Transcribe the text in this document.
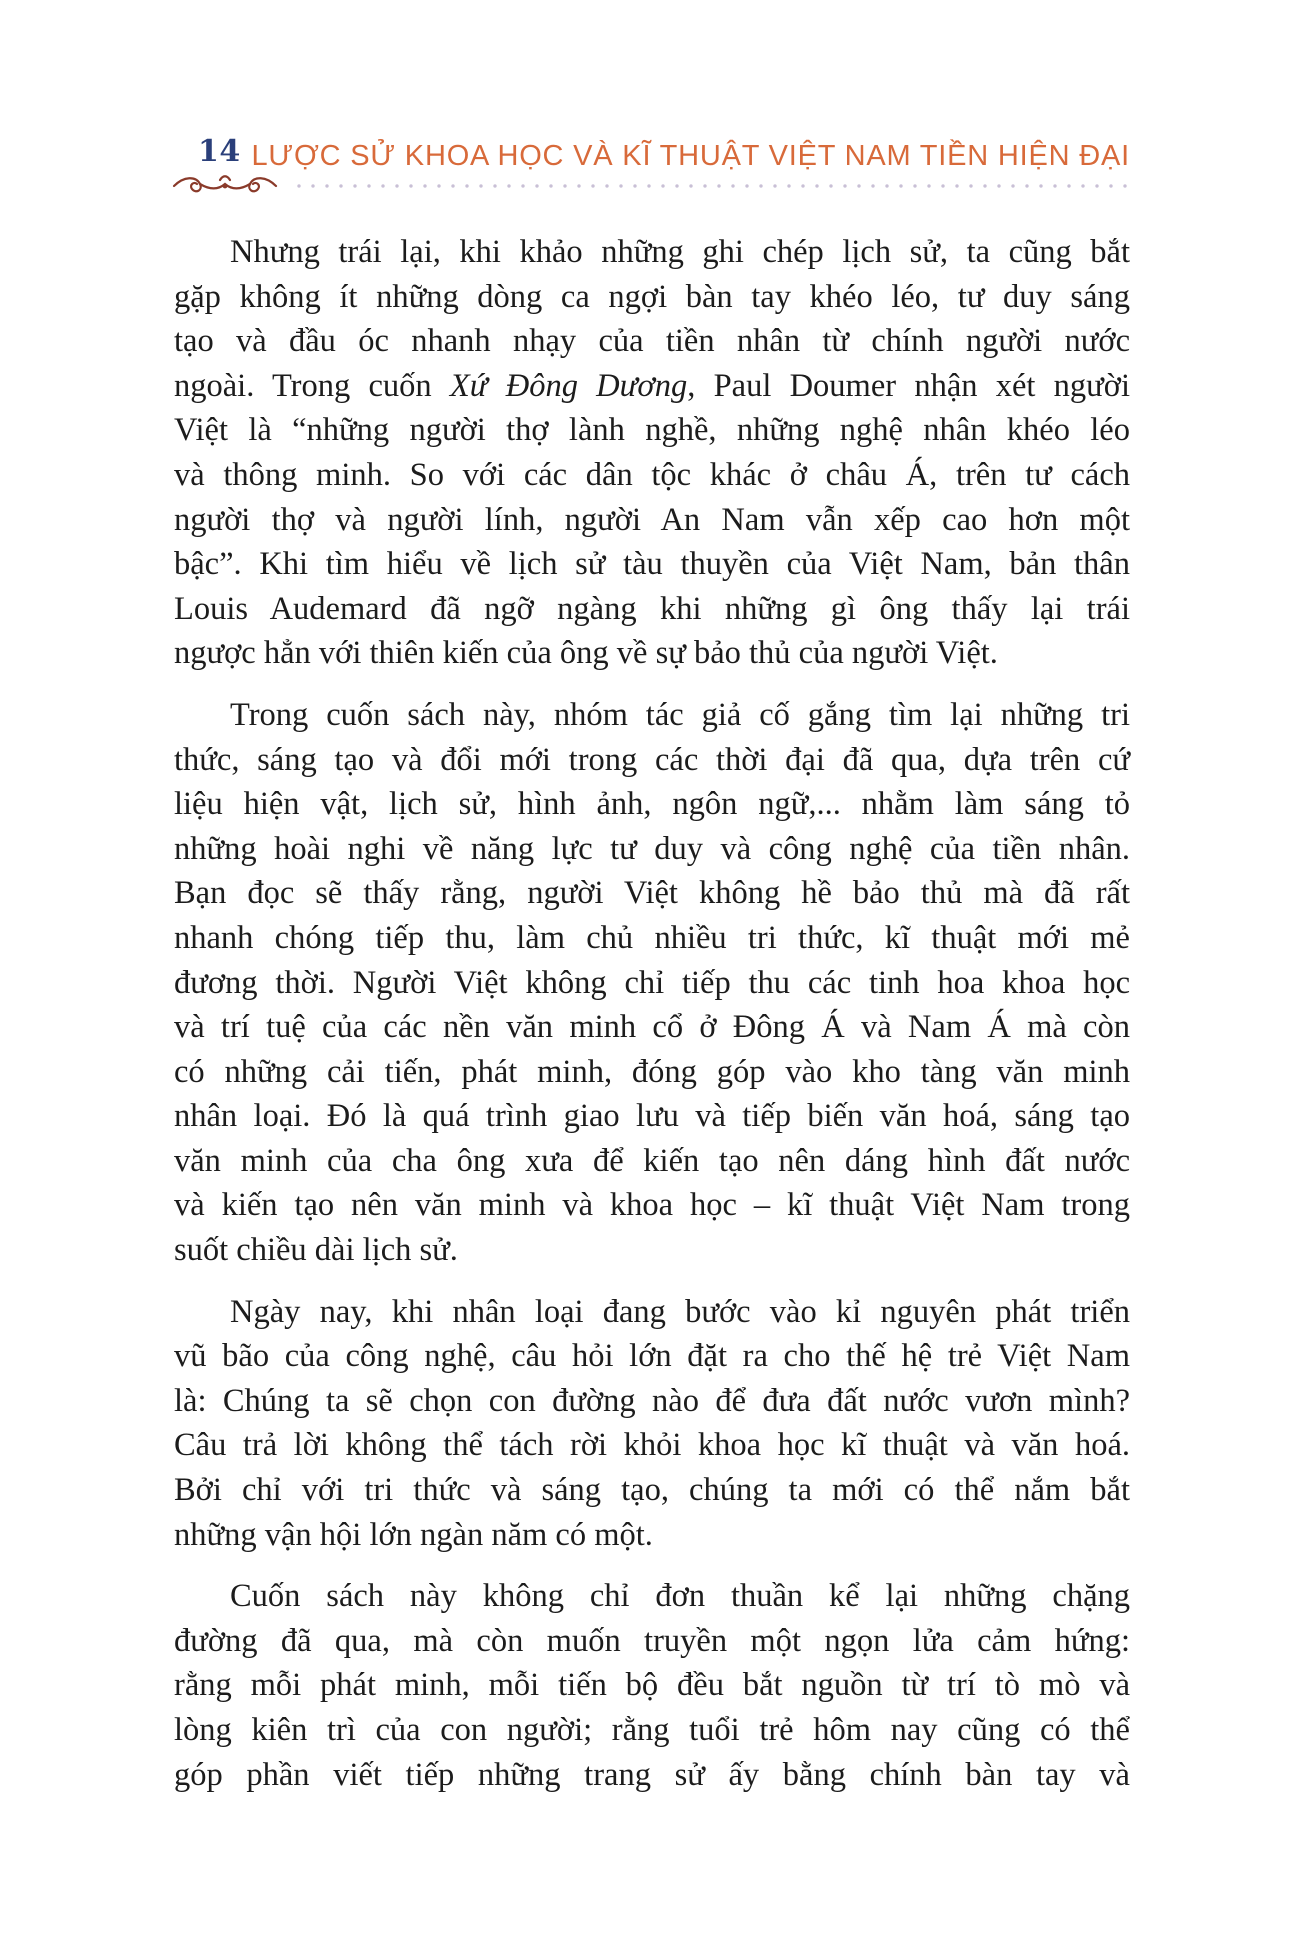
14 LƯỢC SỬ KHOA HỌC VÀ KĨ THUẬT VIỆT NAM TIỀN HIỆN ĐẠI
Nhưng trái lại, khi khảo những ghi chép lịch sử, ta cũng bắt
gặp không ít những dòng ca ngợi bàn tay khéo léo, tư duy sáng
tạo và đầu óc nhanh nhạy của tiền nhân từ chính người nước
ngoài. Trong cuốn Xứ Đông Dương, Paul Doumer nhận xét người
Việt là “những người thợ lành nghề, những nghệ nhân khéo léo
và thông minh. So với các dân tộc khác ở châu Á, trên tư cách
người thợ và người lính, người An Nam vẫn xếp cao hơn một
bậc”. Khi tìm hiểu về lịch sử tàu thuyền của Việt Nam, bản thân
Louis Audemard đã ngỡ ngàng khi những gì ông thấy lại trái
ngược hẳn với thiên kiến của ông về sự bảo thủ của người Việt.
Trong cuốn sách này, nhóm tác giả cố gắng tìm lại những tri
thức, sáng tạo và đổi mới trong các thời đại đã qua, dựa trên cứ
liệu hiện vật, lịch sử, hình ảnh, ngôn ngữ,... nhằm làm sáng tỏ
những hoài nghi về năng lực tư duy và công nghệ của tiền nhân.
Bạn đọc sẽ thấy rằng, người Việt không hề bảo thủ mà đã rất
nhanh chóng tiếp thu, làm chủ nhiều tri thức, kĩ thuật mới mẻ
đương thời. Người Việt không chỉ tiếp thu các tinh hoa khoa học
và trí tuệ của các nền văn minh cổ ở Đông Á và Nam Á mà còn
có những cải tiến, phát minh, đóng góp vào kho tàng văn minh
nhân loại. Đó là quá trình giao lưu và tiếp biến văn hoá, sáng tạo
văn minh của cha ông xưa để kiến tạo nên dáng hình đất nước
và kiến tạo nên văn minh và khoa học – kĩ thuật Việt Nam trong
suốt chiều dài lịch sử.
Ngày nay, khi nhân loại đang bước vào kỉ nguyên phát triển
vũ bão của công nghệ, câu hỏi lớn đặt ra cho thế hệ trẻ Việt Nam
là: Chúng ta sẽ chọn con đường nào để đưa đất nước vươn mình?
Câu trả lời không thể tách rời khỏi khoa học kĩ thuật và văn hoá.
Bởi chỉ với tri thức và sáng tạo, chúng ta mới có thể nắm bắt
những vận hội lớn ngàn năm có một.
Cuốn sách này không chỉ đơn thuần kể lại những chặng
đường đã qua, mà còn muốn truyền một ngọn lửa cảm hứng:
rằng mỗi phát minh, mỗi tiến bộ đều bắt nguồn từ trí tò mò và
lòng kiên trì của con người; rằng tuổi trẻ hôm nay cũng có thể
góp phần viết tiếp những trang sử ấy bằng chính bàn tay và
